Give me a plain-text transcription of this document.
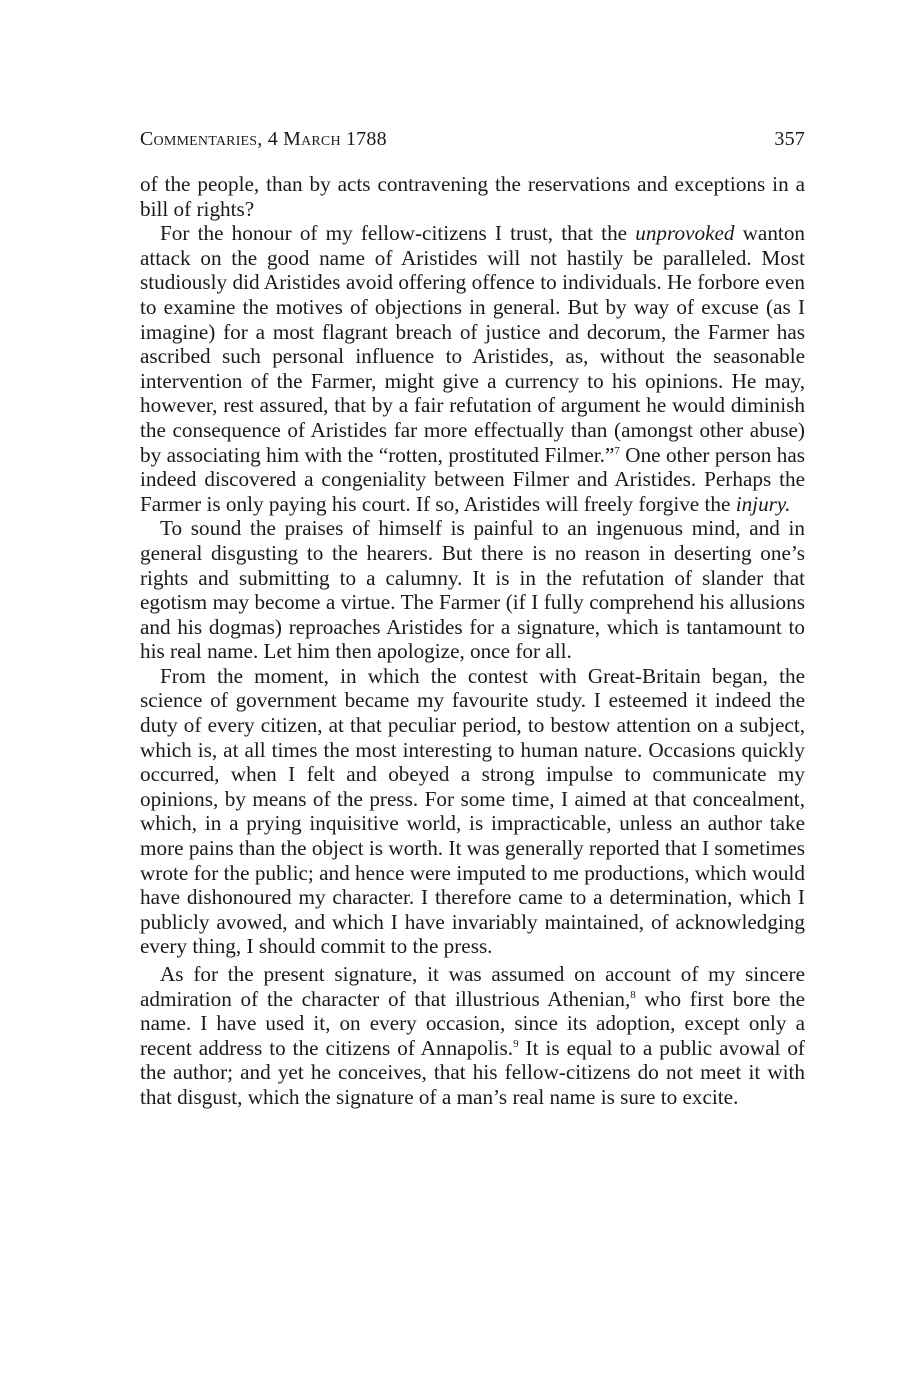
Commentaries, 4 March 1788	357

of the people, than by acts contravening the reservations and exceptions in a bill of rights?

For the honour of my fellow-citizens I trust, that the unprovoked wanton attack on the good name of Aristides will not hastily be paralleled. Most studiously did Aristides avoid offering offence to individuals. He forbore even to examine the motives of objections in general. But by way of excuse (as I imagine) for a most flagrant breach of justice and decorum, the Farmer has ascribed such personal influence to Aristides, as, without the seasonable intervention of the Farmer, might give a currency to his opinions. He may, however, rest assured, that by a fair refutation of argument he would diminish the consequence of Aristides far more effectually than (amongst other abuse) by associating him with the “rotten, prostituted Filmer.”$^7$ One other person has indeed discovered a congeniality between Filmer and Aristides. Perhaps the Farmer is only paying his court. If so, Aristides will freely forgive the injury.

To sound the praises of himself is painful to an ingenuous mind, and in general disgusting to the hearers. But there is no reason in deserting one’s rights and submitting to a calumny. It is in the refutation of slander that egotism may become a virtue. The Farmer (if I fully comprehend his allusions and his dogmas) reproaches Aristides for a signature, which is tantamount to his real name. Let him then apologize, once for all.

From the moment, in which the contest with Great-Britain began, the science of government became my favourite study. I esteemed it indeed the duty of every citizen, at that peculiar period, to bestow attention on a subject, which is, at all times the most interesting to human nature. Occasions quickly occurred, when I felt and obeyed a strong impulse to communicate my opinions, by means of the press. For some time, I aimed at that concealment, which, in a prying inquisitive world, is impracticable, unless an author take more pains than the object is worth. It was generally reported that I sometimes wrote for the public; and hence were imputed to me productions, which would have dishonoured my character. I therefore came to a determination, which I publicly avowed, and which I have invariably maintained, of acknowledging every thing, I should commit to the press.

As for the present signature, it was assumed on account of my sincere admiration of the character of that illustrious Athenian,$^8$ who first bore the name. I have used it, on every occasion, since its adoption, except only a recent address to the citizens of Annapolis.$^9$ It is equal to a public avowal of the author; and yet he conceives, that his fellow-citizens do not meet it with that disgust, which the signature of a man’s real name is sure to excite.
